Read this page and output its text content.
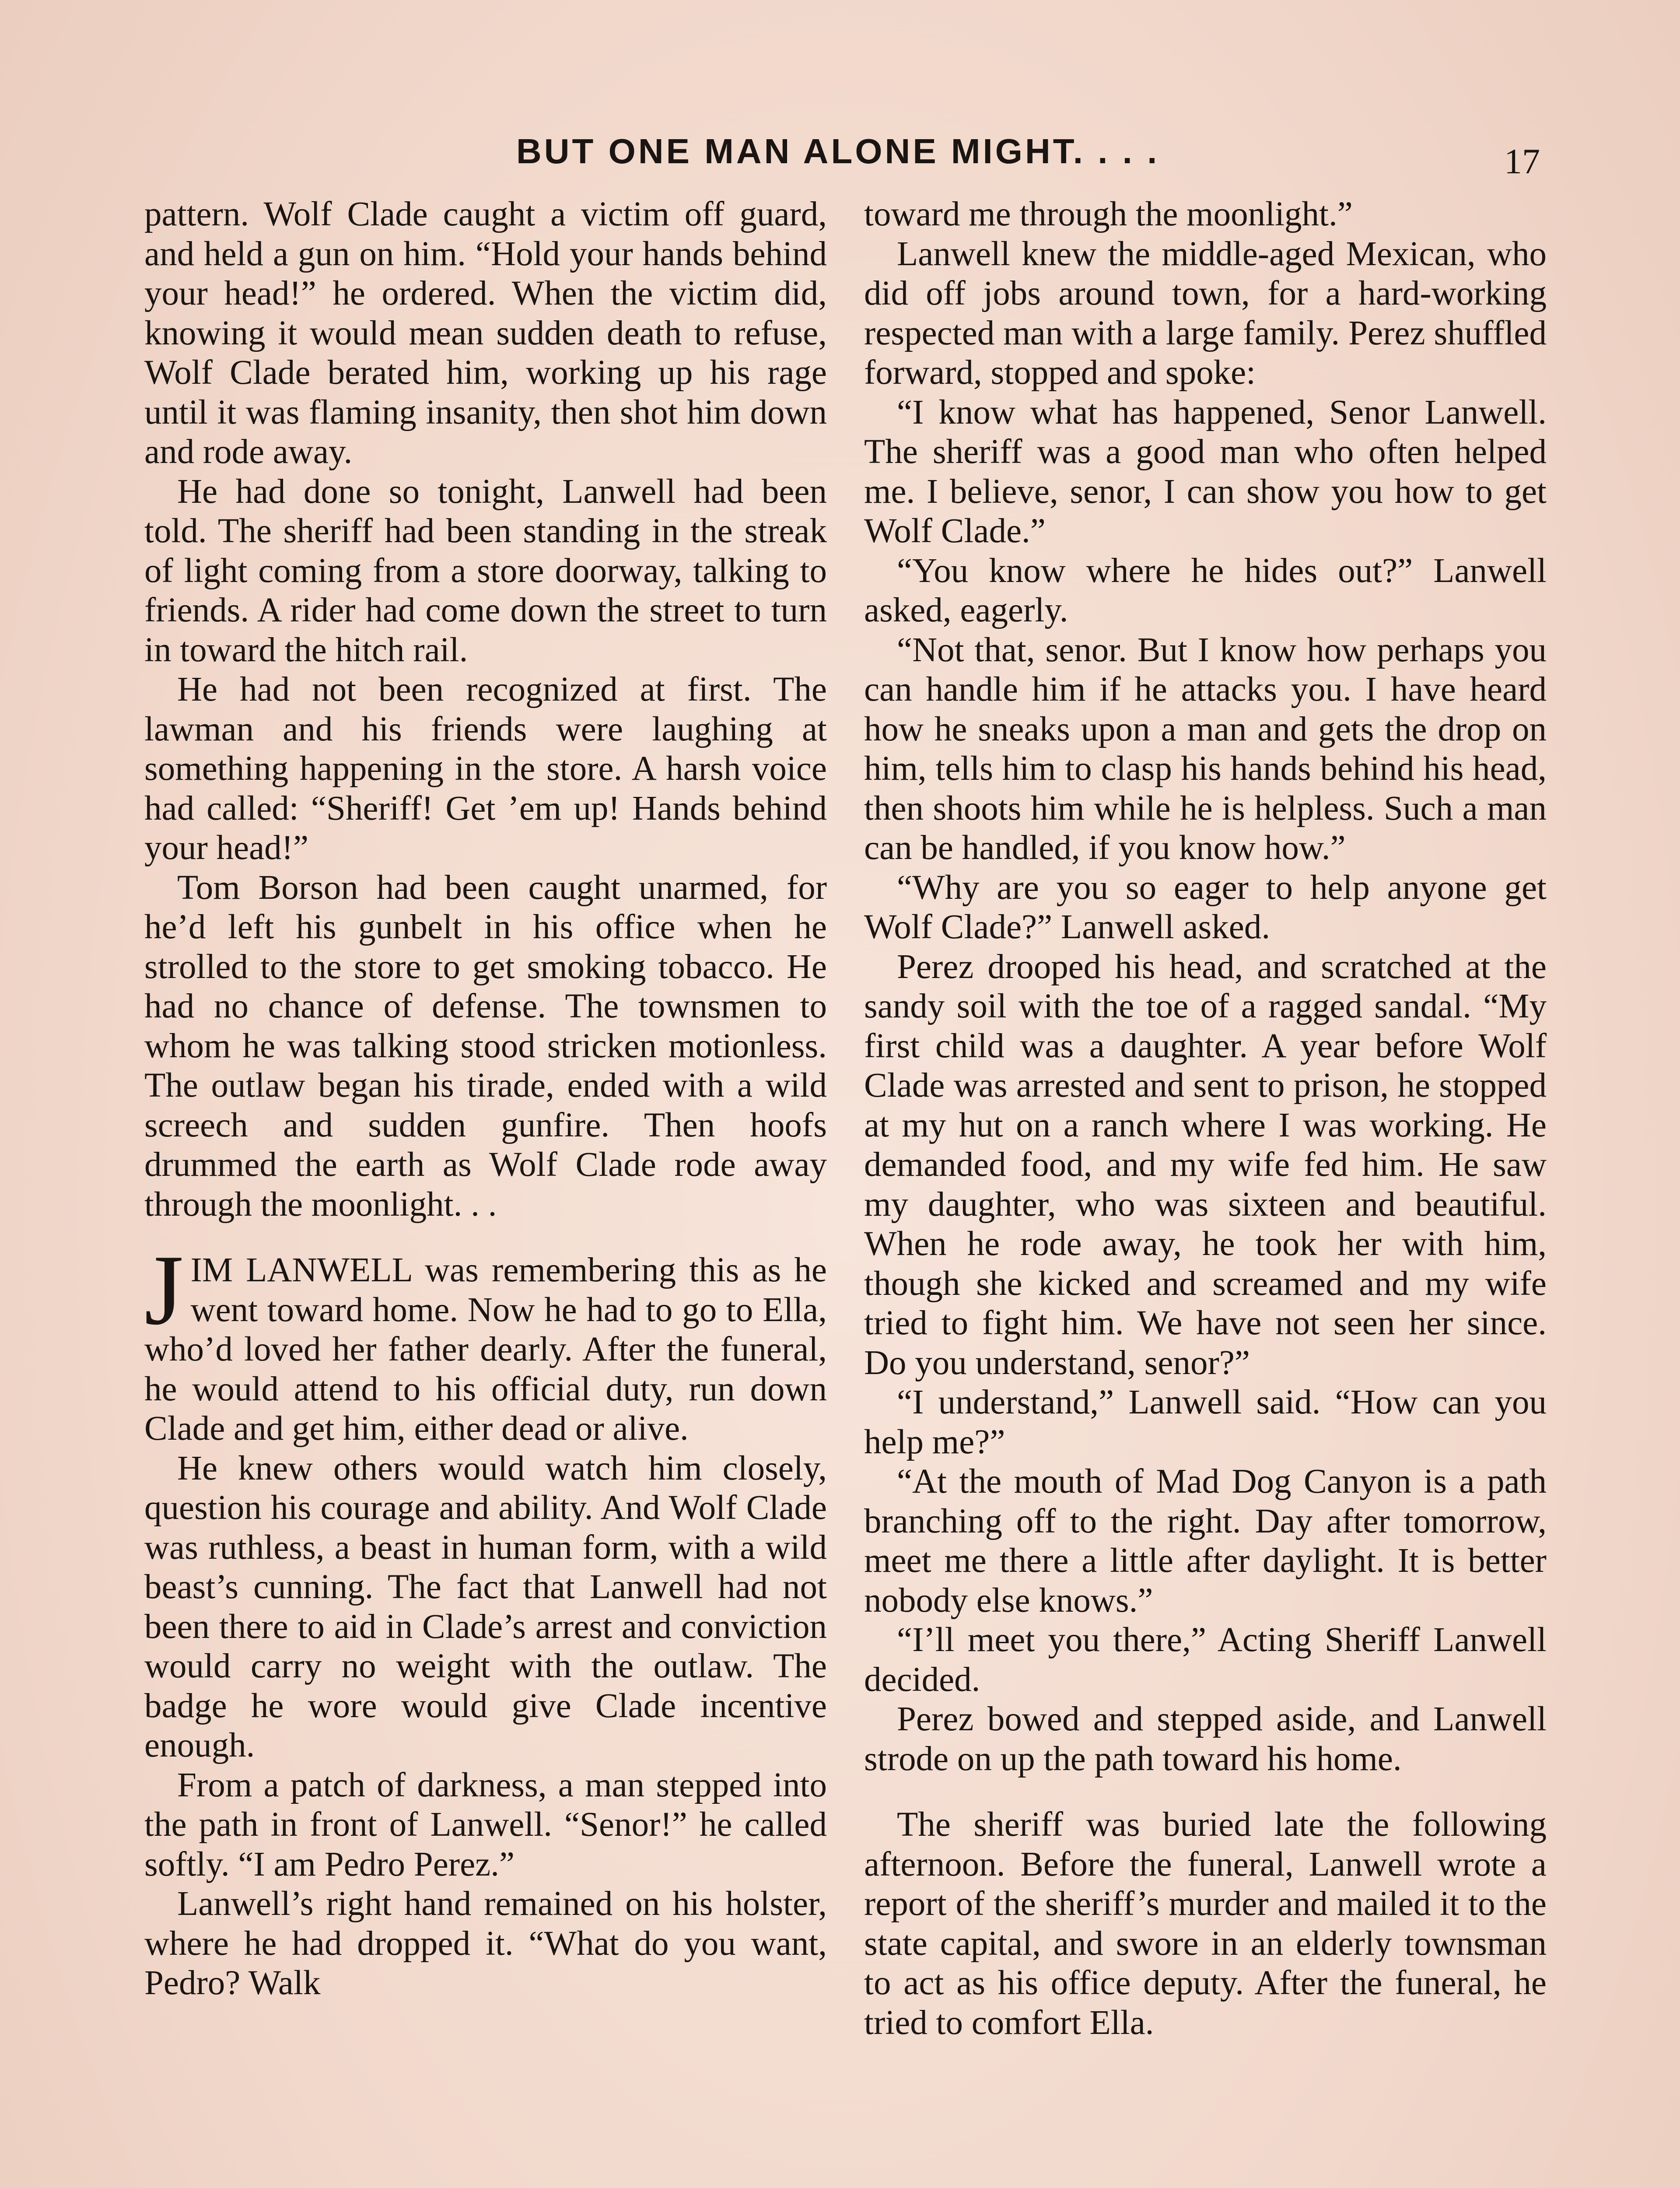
BUT ONE MAN ALONE MIGHT. . . .	17

pattern. Wolf Clade caught a victim off guard, and held a gun on him. “Hold your hands behind your head!” he ordered. When the victim did, knowing it would mean sudden death to refuse, Wolf Clade berated him, working up his rage until it was flaming insanity, then shot him down and rode away.

He had done so tonight, Lanwell had been told. The sheriff had been standing in the streak of light coming from a store doorway, talking to friends. A rider had come down the street to turn in toward the hitch rail.

He had not been recognized at first. The lawman and his friends were laughing at something happening in the store. A harsh voice had called: “Sheriff! Get ’em up! Hands behind your head!”

Tom Borson had been caught unarmed, for he’d left his gunbelt in his office when he strolled to the store to get smoking tobacco. He had no chance of defense. The townsmen to whom he was talking stood stricken motionless. The outlaw began his tirade, ended with a wild screech and sudden gunfire. Then hoofs drummed the earth as Wolf Clade rode away through the moonlight. . .

JIM LANWELL was remembering this as he went toward home. Now he had to go to Ella, who’d loved her father dearly. After the funeral, he would attend to his official duty, run down Clade and get him, either dead or alive.

He knew others would watch him closely, question his courage and ability. And Wolf Clade was ruthless, a beast in human form, with a wild beast’s cunning. The fact that Lanwell had not been there to aid in Clade’s arrest and conviction would carry no weight with the outlaw. The badge he wore would give Clade incentive enough.

From a patch of darkness, a man stepped into the path in front of Lanwell. “Senor!” he called softly. “I am Pedro Perez.”

Lanwell’s right hand remained on his holster, where he had dropped it. “What do you want, Pedro? Walk

toward me through the moonlight.”

Lanwell knew the middle-aged Mexican, who did off jobs around town, for a hard-working respected man with a large family. Perez shuffled forward, stopped and spoke:

“I know what has happened, Senor Lanwell. The sheriff was a good man who often helped me. I believe, senor, I can show you how to get Wolf Clade.”

“You know where he hides out?” Lanwell asked, eagerly.

“Not that, senor. But I know how perhaps you can handle him if he attacks you. I have heard how he sneaks upon a man and gets the drop on him, tells him to clasp his hands behind his head, then shoots him while he is helpless. Such a man can be handled, if you know how.”

“Why are you so eager to help anyone get Wolf Clade?” Lanwell asked.

Perez drooped his head, and scratched at the sandy soil with the toe of a ragged sandal. “My first child was a daughter. A year before Wolf Clade was arrested and sent to prison, he stopped at my hut on a ranch where I was working. He demanded food, and my wife fed him. He saw my daughter, who was sixteen and beautiful. When he rode away, he took her with him, though she kicked and screamed and my wife tried to fight him. We have not seen her since. Do you understand, senor?”

“I understand,” Lanwell said. “How can you help me?”

“At the mouth of Mad Dog Canyon is a path branching off to the right. Day after tomorrow, meet me there a little after daylight. It is better nobody else knows.”

“I’ll meet you there,” Acting Sheriff Lanwell decided.

Perez bowed and stepped aside, and Lanwell strode on up the path toward his home.

The sheriff was buried late the following afternoon. Before the funeral, Lanwell wrote a report of the sheriff’s murder and mailed it to the state capital, and swore in an elderly townsman to act as his office deputy. After the funeral, he tried to comfort Ella.
